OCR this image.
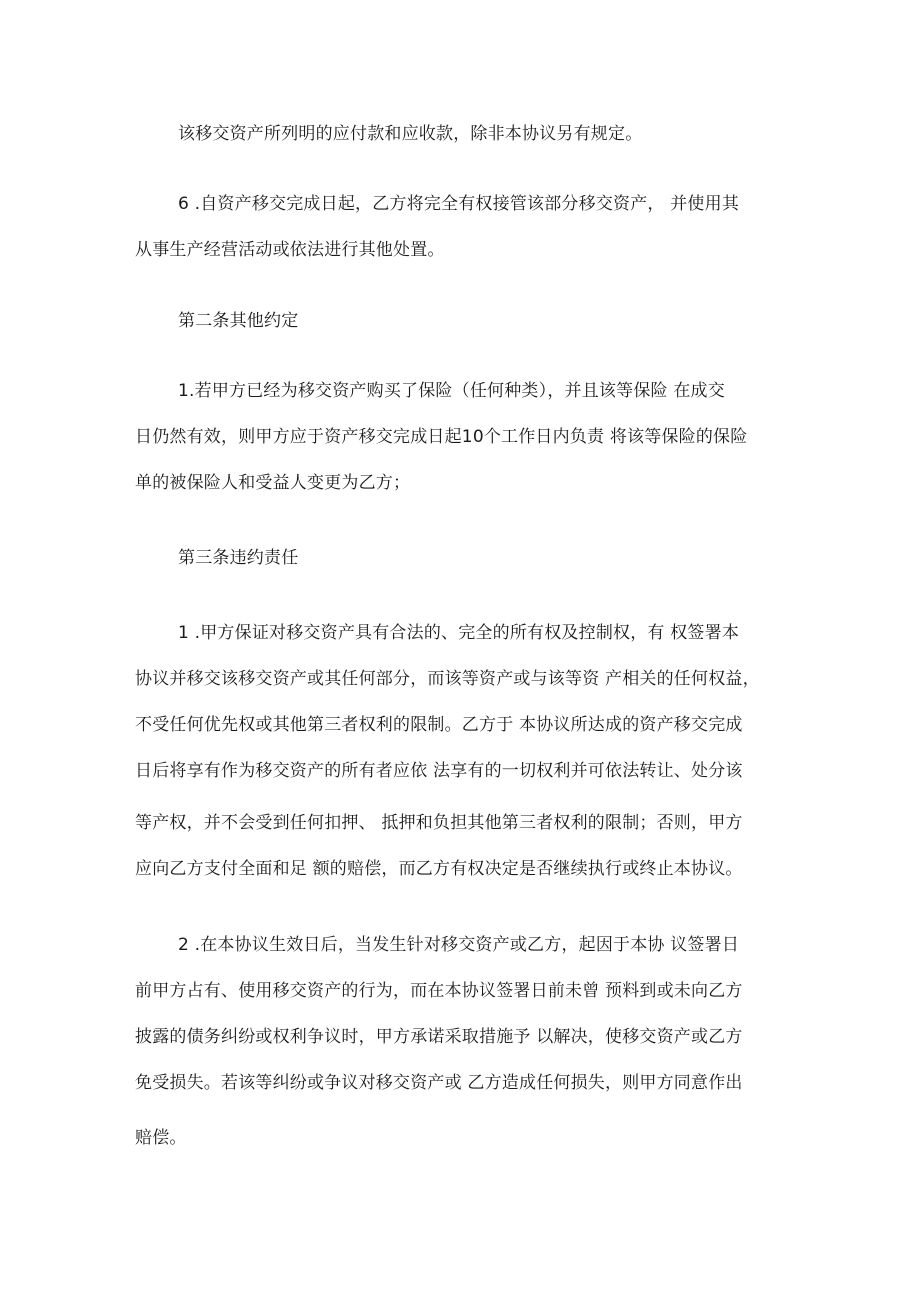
该移交资产所列明的应付款和应收款，除非本协议另有规定。
6 .自资产移交完成日起，乙方将完全有权接管该部分移交资产， 并使用其
从事生产经营活动或依法进行其他处置。
第二条其他约定
1.若甲方已经为移交资产购买了保险（任何种类），并且该等保险 在成交
日仍然有效，则甲方应于资产移交完成日起10个工作日内负责 将该等保险的保险
单的被保险人和受益人变更为乙方；
第三条违约责任
1 .甲方保证对移交资产具有合法的、完全的所有权及控制权，有 权签署本
协议并移交该移交资产或其任何部分，而该等资产或与该等资 产相关的任何权益，
不受任何优先权或其他第三者权利的限制。乙方于 本协议所达成的资产移交完成
日后将享有作为移交资产的所有者应依 法享有的一切权利并可依法转让、处分该
等产权，并不会受到任何扣押、 抵押和负担其他第三者权利的限制；否则，甲方
应向乙方支付全面和足 额的赔偿，而乙方有权决定是否继续执行或终止本协议。
2 .在本协议生效日后，当发生针对移交资产或乙方，起因于本协 议签署日
前甲方占有、使用移交资产的行为，而在本协议签署日前未曾 预料到或未向乙方
披露的债务纠纷或权利争议时，甲方承诺采取措施予 以解决，使移交资产或乙方
免受损失。若该等纠纷或争议对移交资产或 乙方造成任何损失，则甲方同意作出
赔偿。
